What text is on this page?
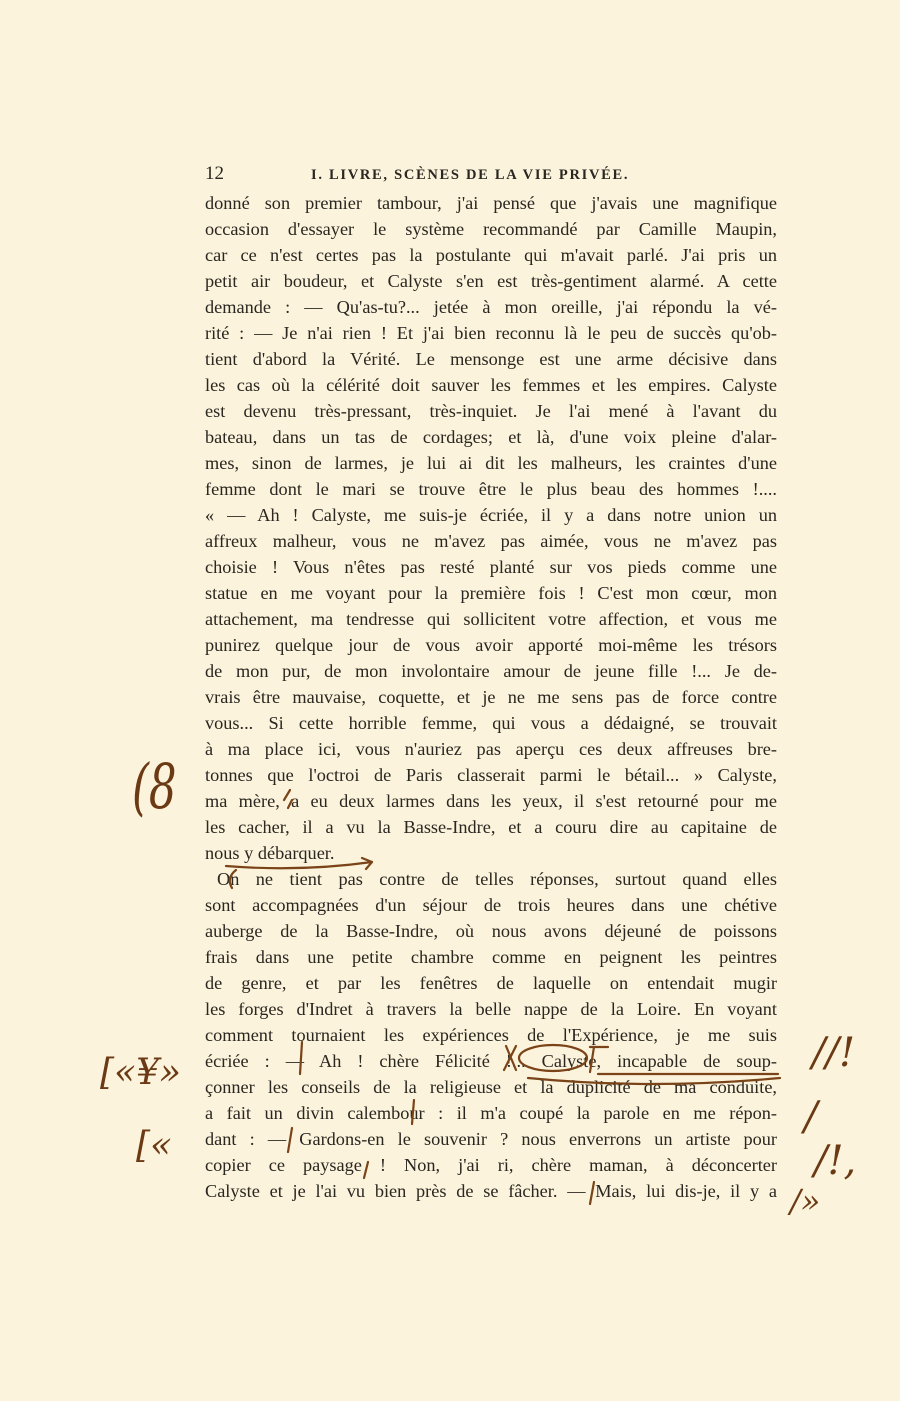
12	I. LIVRE, SCÈNES DE LA VIE PRIVÉE.
donné son premier tambour, j'ai pensé que j'avais une magnifique
occasion d'essayer le système recommandé par Camille Maupin,
car ce n'est certes pas la postulante qui m'avait parlé. J'ai pris un
petit air boudeur, et Calyste s'en est très-gentiment alarmé. A cette
demande : — Qu'as-tu?... jetée à mon oreille, j'ai répondu la vé-
rité : — Je n'ai rien ! Et j'ai bien reconnu là le peu de succès qu'ob-
tient d'abord la Vérité. Le mensonge est une arme décisive dans
les cas où la célérité doit sauver les femmes et les empires. Calyste
est devenu très-pressant, très-inquiet. Je l'ai mené à l'avant du
bateau, dans un tas de cordages; et là, d'une voix pleine d'alar-
mes, sinon de larmes, je lui ai dit les malheurs, les craintes d'une
femme dont le mari se trouve être le plus beau des hommes !....
« — Ah ! Calyste, me suis-je écriée, il y a dans notre union un
affreux malheur, vous ne m'avez pas aimée, vous ne m'avez pas
choisie ! Vous n'êtes pas resté planté sur vos pieds comme une
statue en me voyant pour la première fois ! C'est mon cœur, mon
attachement, ma tendresse qui sollicitent votre affection, et vous me
punirez quelque jour de vous avoir apporté moi-même les trésors
de mon pur, de mon involontaire amour de jeune fille !... Je de-
vrais être mauvaise, coquette, et je ne me sens pas de force contre
vous... Si cette horrible femme, qui vous a dédaigné, se trouvait
à ma place ici, vous n'auriez pas aperçu ces deux affreuses bre-
tonnes que l'octroi de Paris classerait parmi le bétail... » Calyste,
ma mère, a eu deux larmes dans les yeux, il s'est retourné pour me
les cacher, il a vu la Basse-Indre, et a couru dire au capitaine de
nous y débarquer.
On ne tient pas contre de telles réponses, surtout quand elles
sont accompagnées d'un séjour de trois heures dans une chétive
auberge de la Basse-Indre, où nous avons déjeuné de poissons
frais dans une petite chambre comme en peignent les peintres
de genre, et par les fenêtres de laquelle on entendait mugir
les forges d'Indret à travers la belle nappe de la Loire. En voyant
comment tournaient les expériences de l'Expérience, je me suis
écriée : — Ah ! chère Félicité !... Calyste, incapable de soup-
çonner les conseils de la religieuse et la duplicité de ma conduite,
a fait un divin calembour : il m'a coupé la parole en me répon-
dant : — Gardons-en le souvenir ? nous enverrons un artiste pour
copier ce paysage ! Non, j'ai ri, chère maman, à déconcerter
Calyste et je l'ai vu bien près de se fâcher. — Mais, lui dis-je, il y a
(8
[«¥»
[«
//!
/
/!,
/»
